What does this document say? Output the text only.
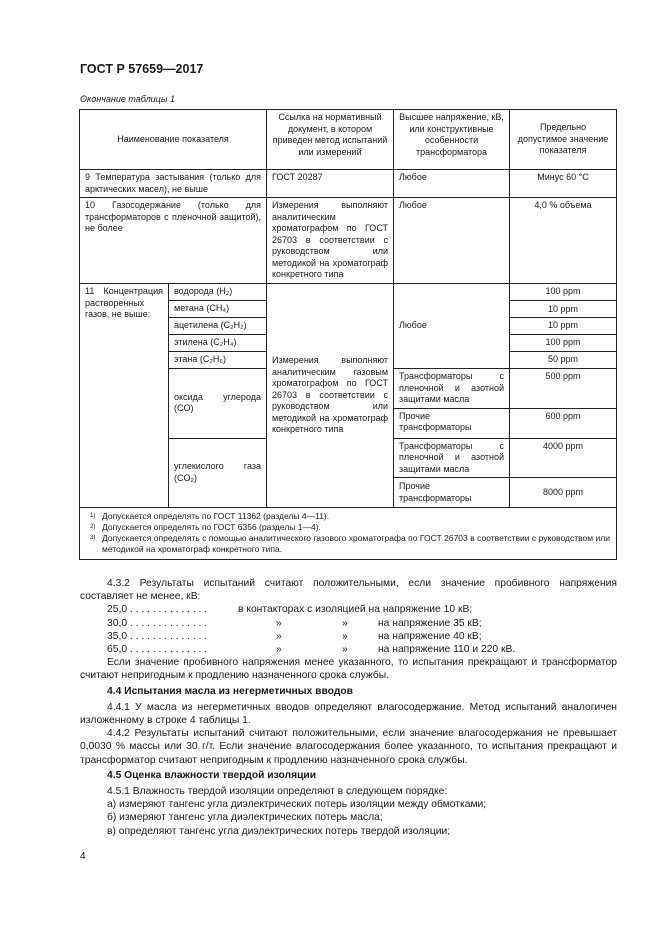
ГОСТ Р 57659—2017
Окончание таблицы 1
Наименование показателя		Ссылка на нормативный документ, в котором приведен метод испытаний или измерений	Высшее напряжение, кВ, или конструктивные особенности трансформатора	Предельно допустимое значение показателя
9 Температура застывания (только для арктических масел), не выше		ГОСТ 20287	Любое	Минус 60 °С
10 Газосодержание (только для трансформаторов с пленочной защитой), не более		Измерения выполняют аналитическим хроматографом по ГОСТ 26703 в соответствии с руководством или методикой на хроматограф конкретного типа	Любое	4,0 % объема
11 Концентрация растворенных газов, не выше:	водорода (H₂)	Измерения выполняют аналитическим газовым хроматографом по ГОСТ 26703 в соответствии с руководством или методикой на хроматограф конкретного типа	Любое	100 ppm
	метана (CH₄)			10 ppm
	ацетилена (C₂H₂)			10 ppm
	этилена (C₂H₄)			100 ppm
	этана (C₂H₆)			50 ppm
	оксида углерода (CO)		Трансформаторы с пленочной и азотной защитами масла	500 ppm
			Прочие трансформаторы	600 ppm
	углекислого газа (CO₂)		Трансформаторы с пленочной и азотной защитами масла	4000 ppm
			Прочие трансформаторы	8000 ppm

1) Допускается определять по ГОСТ 11362 (разделы 4—11).
2) Допускается определять по ГОСТ 6356 (разделы 1—4).
3) Допускается определять с помощью аналитического газового хроматографа по ГОСТ 26703 в соответствии с руководством или методикой на хроматограф конкретного типа.				
4.3.2 Результаты испытаний считают положительными, если значение пробивного напряжения составляет не менее, кВ:
25,0 . . . . . . . . . . . . . .	в контакторах с изоляцией на напряжение 10 кВ;
30,0 . . . . . . . . . . . . . .	»	»	на напряжение 35 кВ;
35,0 . . . . . . . . . . . . . .	»	»	на напряжение 40 кВ;
65,0 . . . . . . . . . . . . . .	»	»	на напряжение 110 и 220 кВ.
Если значение пробивного напряжения менее указанного, то испытания прекращают и трансформатор считают непригодным к продлению назначенного срока службы.
4.4 Испытания масла из негерметичных вводов
4.4.1 У масла из негерметичных вводов определяют влагосодержание. Метод испытаний аналогичен изложенному в строке 4 таблицы 1.
4.4.2 Результаты испытаний считают положительными, если значение влагосодержания не превышает 0,0030 % массы или 30 г/т. Если значение влагосодержания более указанного, то испытания прекращают и трансформатор считают непригодным к продлению назначенного срока службы.
4.5 Оценка влажности твердой изоляции
4.5.1 Влажность твердой изоляции определяют в следующем порядке:
а) измеряют тангенс угла диэлектрических потерь изоляции между обмотками;
б) измеряют тангенс угла диэлектрических потерь масла;
в) определяют тангенс угла диэлектрических потерь твердой изоляции;
4
